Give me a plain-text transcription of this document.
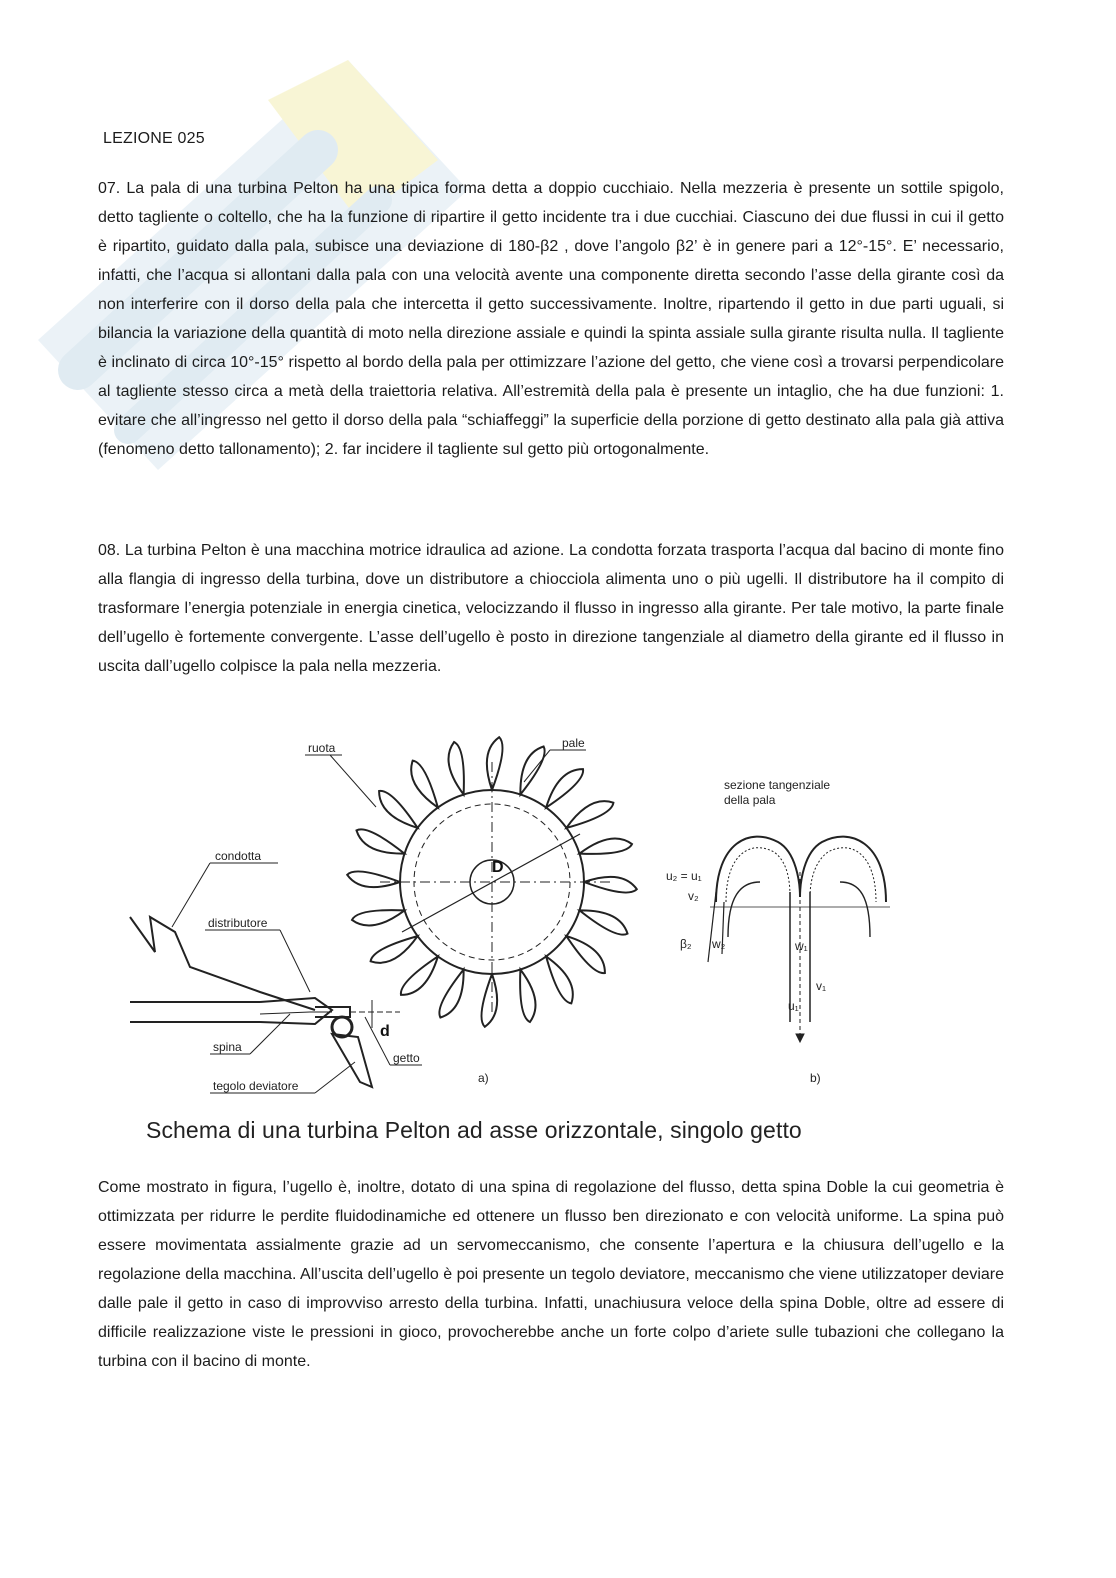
LEZIONE 025

07. La pala di una turbina Pelton ha una tipica forma detta a doppio cucchiaio. Nella mezzeria è presente un sottile spigolo, detto tagliente o coltello, che ha la funzione di ripartire il getto incidente tra i due cucchiai. Ciascuno dei due flussi in cui il getto è ripartito, guidato dalla pala, subisce una deviazione di 180-β2 , dove l’angolo β2’ è in genere pari a 12°-15°. E’ necessario, infatti, che l’acqua si allontani dalla pala con una velocità avente una componente diretta secondo l’asse della girante così da non interferire con il dorso della pala che intercetta il getto successivamente. Inoltre, ripartendo il getto in due parti uguali, si bilancia la variazione della quantità di moto nella direzione assiale e quindi la spinta assiale sulla girante risulta nulla. Il tagliente è inclinato di circa 10°-15° rispetto al bordo della pala per ottimizzare l’azione del getto, che viene così a trovarsi perpendicolare al tagliente stesso circa a metà della traiettoria relativa. All’estremità della pala è presente un intaglio, che ha due funzioni: 1. evitare che all’ingresso nel getto il dorso della pala “schiaffeggi” la superficie della porzione di getto destinato alla pala già attiva (fenomeno detto tallonamento); 2. far incidere il tagliente sul getto più ortogonalmente.

08. La turbina Pelton è una macchina motrice idraulica ad azione. La condotta forzata trasporta l’acqua dal bacino di monte fino alla flangia di ingresso della turbina, dove un distributore a chiocciola alimenta uno o più ugelli. Il distributore ha il compito di trasformare l’energia potenziale in energia cinetica, velocizzando il flusso in ingresso alla girante. Per tale motivo, la parte finale dell’ugello è fortemente convergente. L’asse dell’ugello è posto in direzione tangenziale al diametro della girante ed il flusso in uscita dall’ugello colpisce la pala nella mezzeria.

ruota	pale
condotta
distributore
spina
tegolo deviatore
getto
D
d
a)
sezione tangenziale
della pala
u₂ = u₁
v₂
β₂ w₂	w₁
v₁
u₁
b)
Schema di una turbina Pelton ad asse orizzontale, singolo getto

Come mostrato in figura, l’ugello è, inoltre, dotato di una spina di regolazione del flusso, detta spina Doble la cui geometria è ottimizzata per ridurre le perdite fluidodinamiche ed ottenere un flusso ben direzionato e con velocità uniforme. La spina può essere movimentata assialmente grazie ad un servomeccanismo, che consente l’apertura e la chiusura dell’ugello e la regolazione della macchina. All’uscita dell’ugello è poi presente un tegolo deviatore, meccanismo che viene utilizzatoper deviare dalle pale il getto in caso di improvviso arresto della turbina. Infatti, unachiusura veloce della spina Doble, oltre ad essere di difficile realizzazione viste le pressioni in gioco, provocherebbe anche un forte colpo d’ariete sulle tubazioni che collegano la turbina con il bacino di monte.
